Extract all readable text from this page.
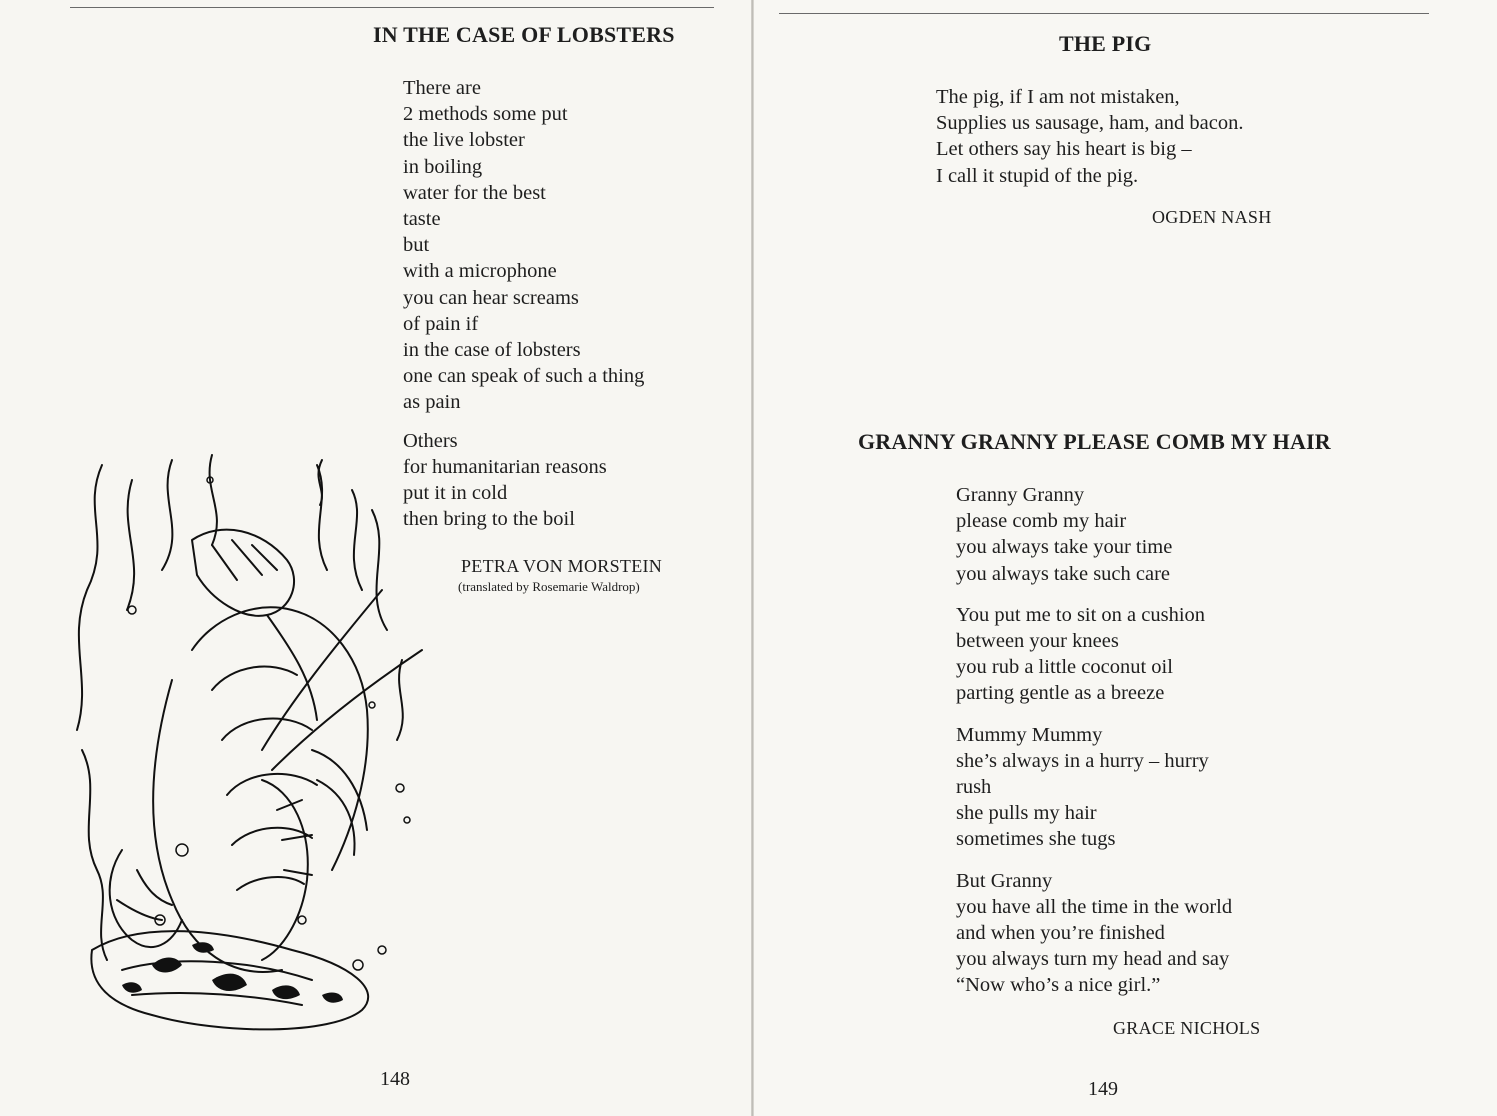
IN THE CASE OF LOBSTERS
There are
2 methods some put
the live lobster
in boiling
water for the best
taste
but
with a microphone
you can hear screams
of pain if
in the case of lobsters
one can speak of such a thing
as pain
Others
for humanitarian reasons
put it in cold
then bring to the boil
PETRA VON MORSTEIN
(translated by Rosemarie Waldrop)
148
THE PIG
The pig, if I am not mistaken,
Supplies us sausage, ham, and bacon.
Let others say his heart is big –
I call it stupid of the pig.
OGDEN NASH
GRANNY GRANNY PLEASE COMB MY HAIR
Granny Granny
please comb my hair
you always take your time
you always take such care
You put me to sit on a cushion
between your knees
you rub a little coconut oil
parting gentle as a breeze
Mummy Mummy
she’s always in a hurry – hurry
rush
she pulls my hair
sometimes she tugs
But Granny
you have all the time in the world
and when you’re finished
you always turn my head and say
“Now who’s a nice girl.”
GRACE NICHOLS
149
